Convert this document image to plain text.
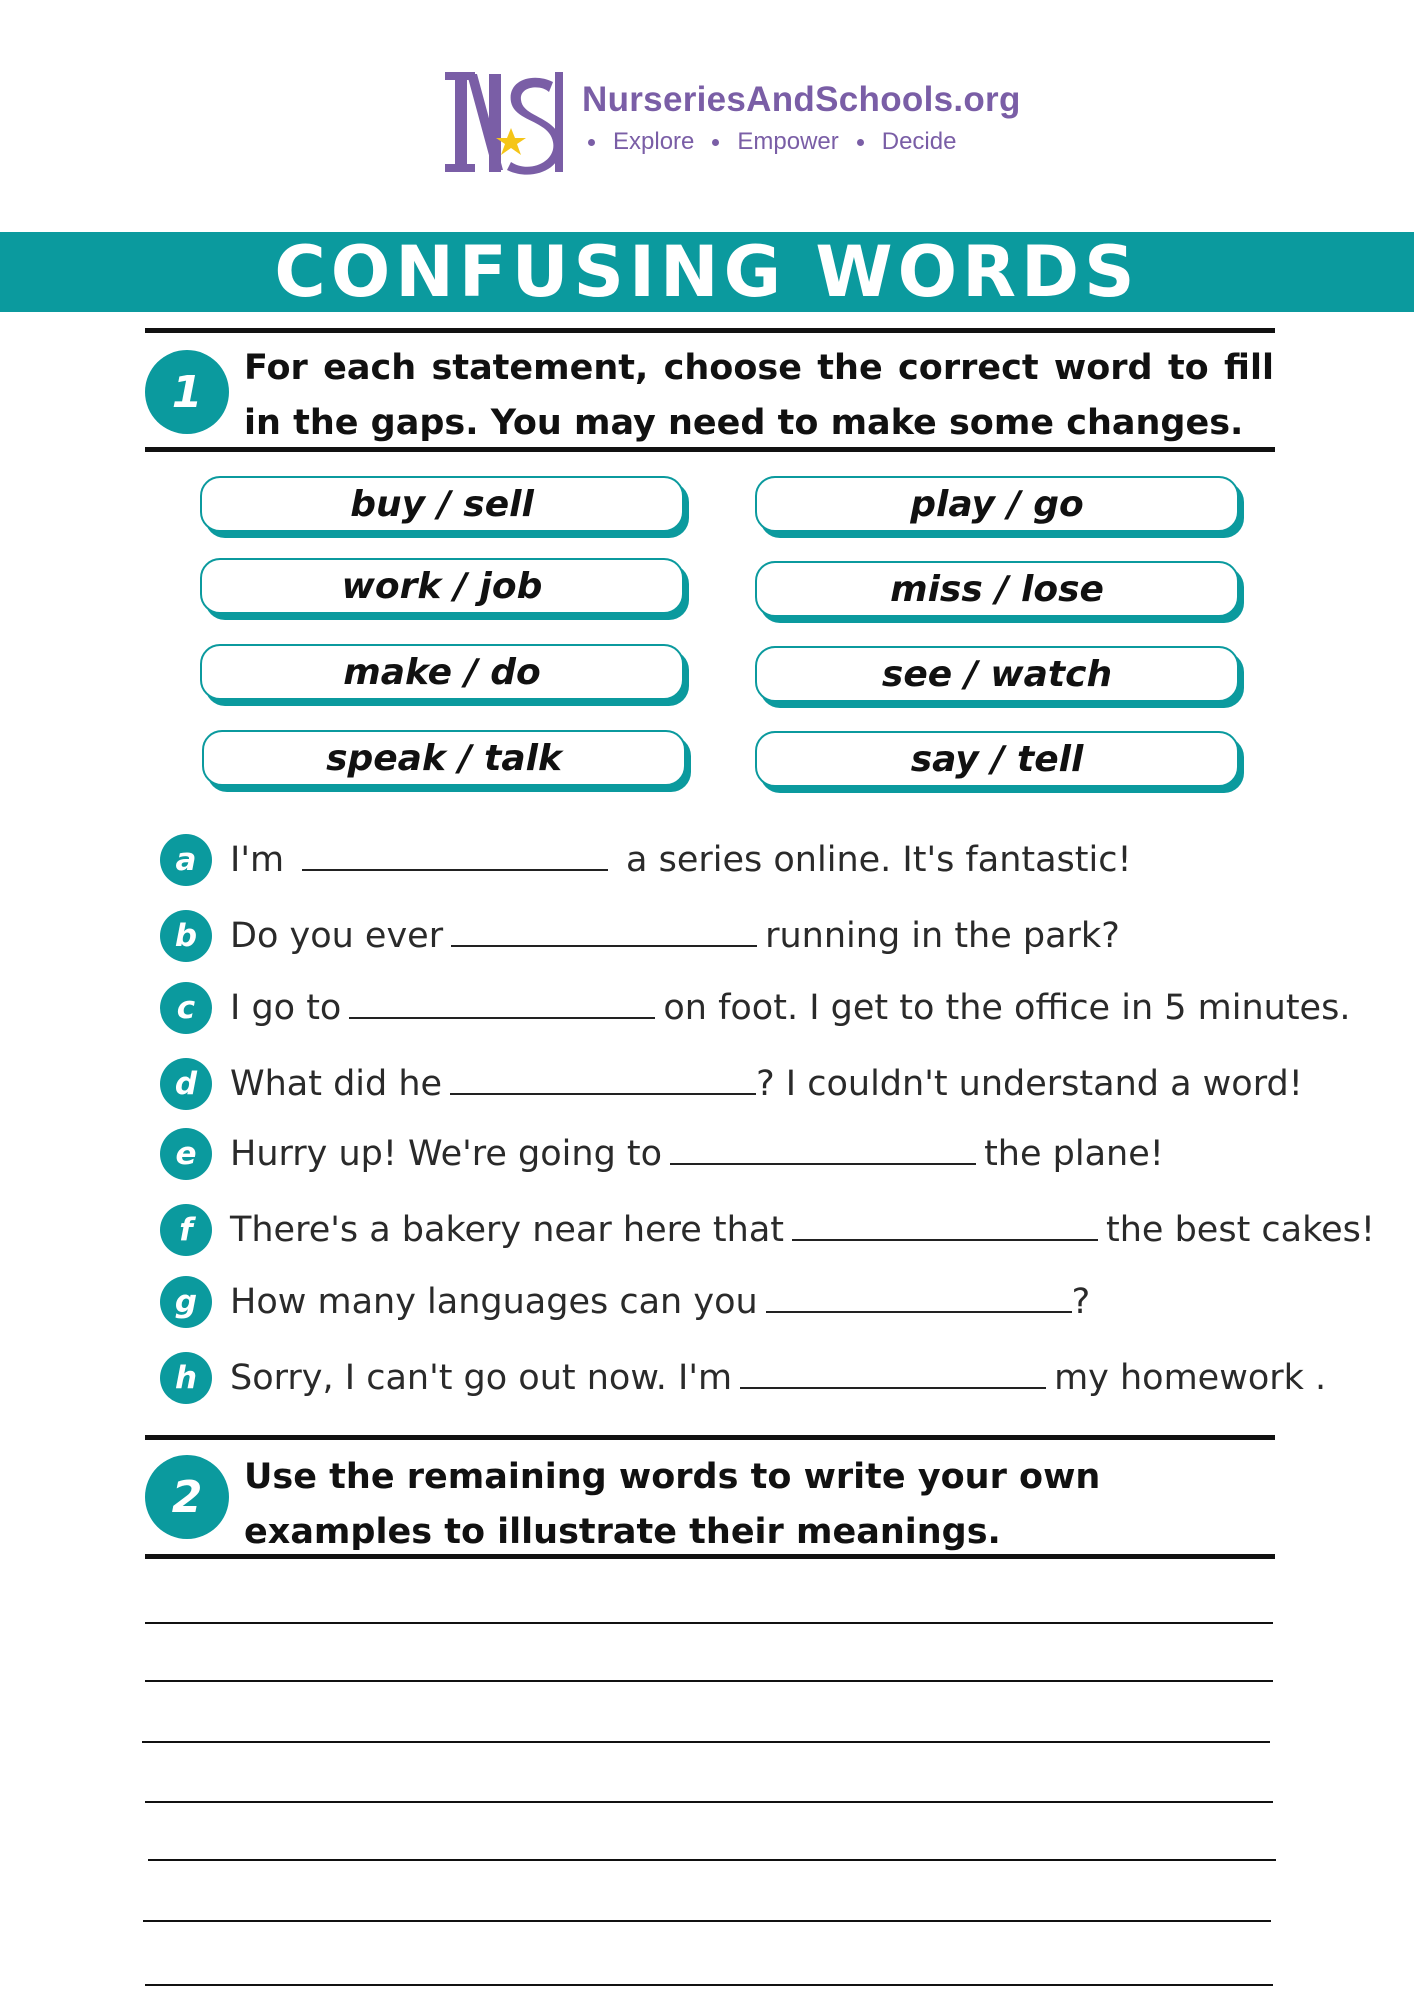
NurseriesAndSchools.org
Explore Empower Decide
CONFUSING WORDS
1	For each statement, choose the correct word to fill in the gaps. You may need to make some changes.
buy / sell
work / job
make / do
speak / talk
play / go
miss / lose
see / watch
say / tell
a I'm	a series online. It's fantastic!
b Do you ever	running in the park?
c I go to	on foot. I get to the office in 5 minutes.
d What did he	? I couldn't understand a word!
e Hurry up! We're going to	the plane!
f	There's a bakery near here that	the best cakes!
g How many languages can you	?
h Sorry, I can't go out now. I'm	my homework .
2	Use the remaining words to write your own examples to illustrate their meanings.
